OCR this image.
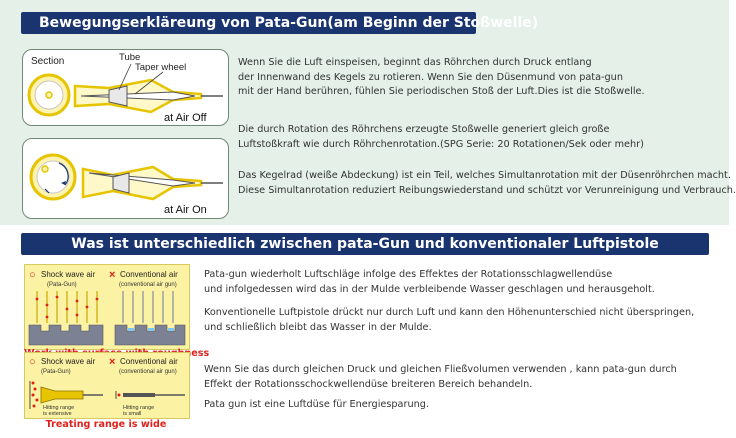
Bewegungserkläreung von Pata-Gun(am Beginn der Stoßwelle)
Section	Tube
Taper wheel
at Air Off
at Air On
Wenn Sie die Luft einspeisen, beginnt das Röhrchen durch Druck entlang
der Innenwand des Kegels zu rotieren. Wenn Sie den Düsenmund von pata-gun
mit der Hand berühren, fühlen Sie periodischen Stoß der Luft.Dies ist die Stoßwelle.
Die durch Rotation des Röhrchens erzeugte Stoßwelle generiert gleich große
Luftstoßkraft wie durch Röhrchenrotation.(SPG Serie: 20 Rotationen/Sek oder mehr)
Das Kegelrad (weiße Abdeckung) ist ein Teil, welches Simultanrotation mit der Düsenröhrchen macht.
Diese Simultanrotation reduziert Reibungswiederstand und schützt vor Verunreinigung und Verbrauch.
Was ist unterschiedlich zwischen pata-Gun und konventionaler Luftpistole
○ Shock wave air
(Pata-Gun)
× Conventional air
(conventional air gun)
○ Shock wave air
(Pata-Gun)
× Conventional air
(conventional air gun)
Hitting range
is extensive
Hitting range
is small
Treating range is wide
Pata-gun wiederholt Luftschläge infolge des Effektes der Rotationsschlagwellendüse
und infolgedessen wird das in der Mulde verbleibende Wasser geschlagen und herausgeholt.
Konventionelle Luftpistole drückt nur durch Luft und kann den Höhenunterschied nicht überspringen,
und schließlich bleibt das Wasser in der Mulde.
Wenn Sie das durch gleichen Druck und gleichen Fließvolumen verwenden , kann pata-gun durch
Effekt der Rotationsschockwellendüse breiteren Bereich behandeln.
Pata gun ist eine Luftdüse für Energiesparung.
